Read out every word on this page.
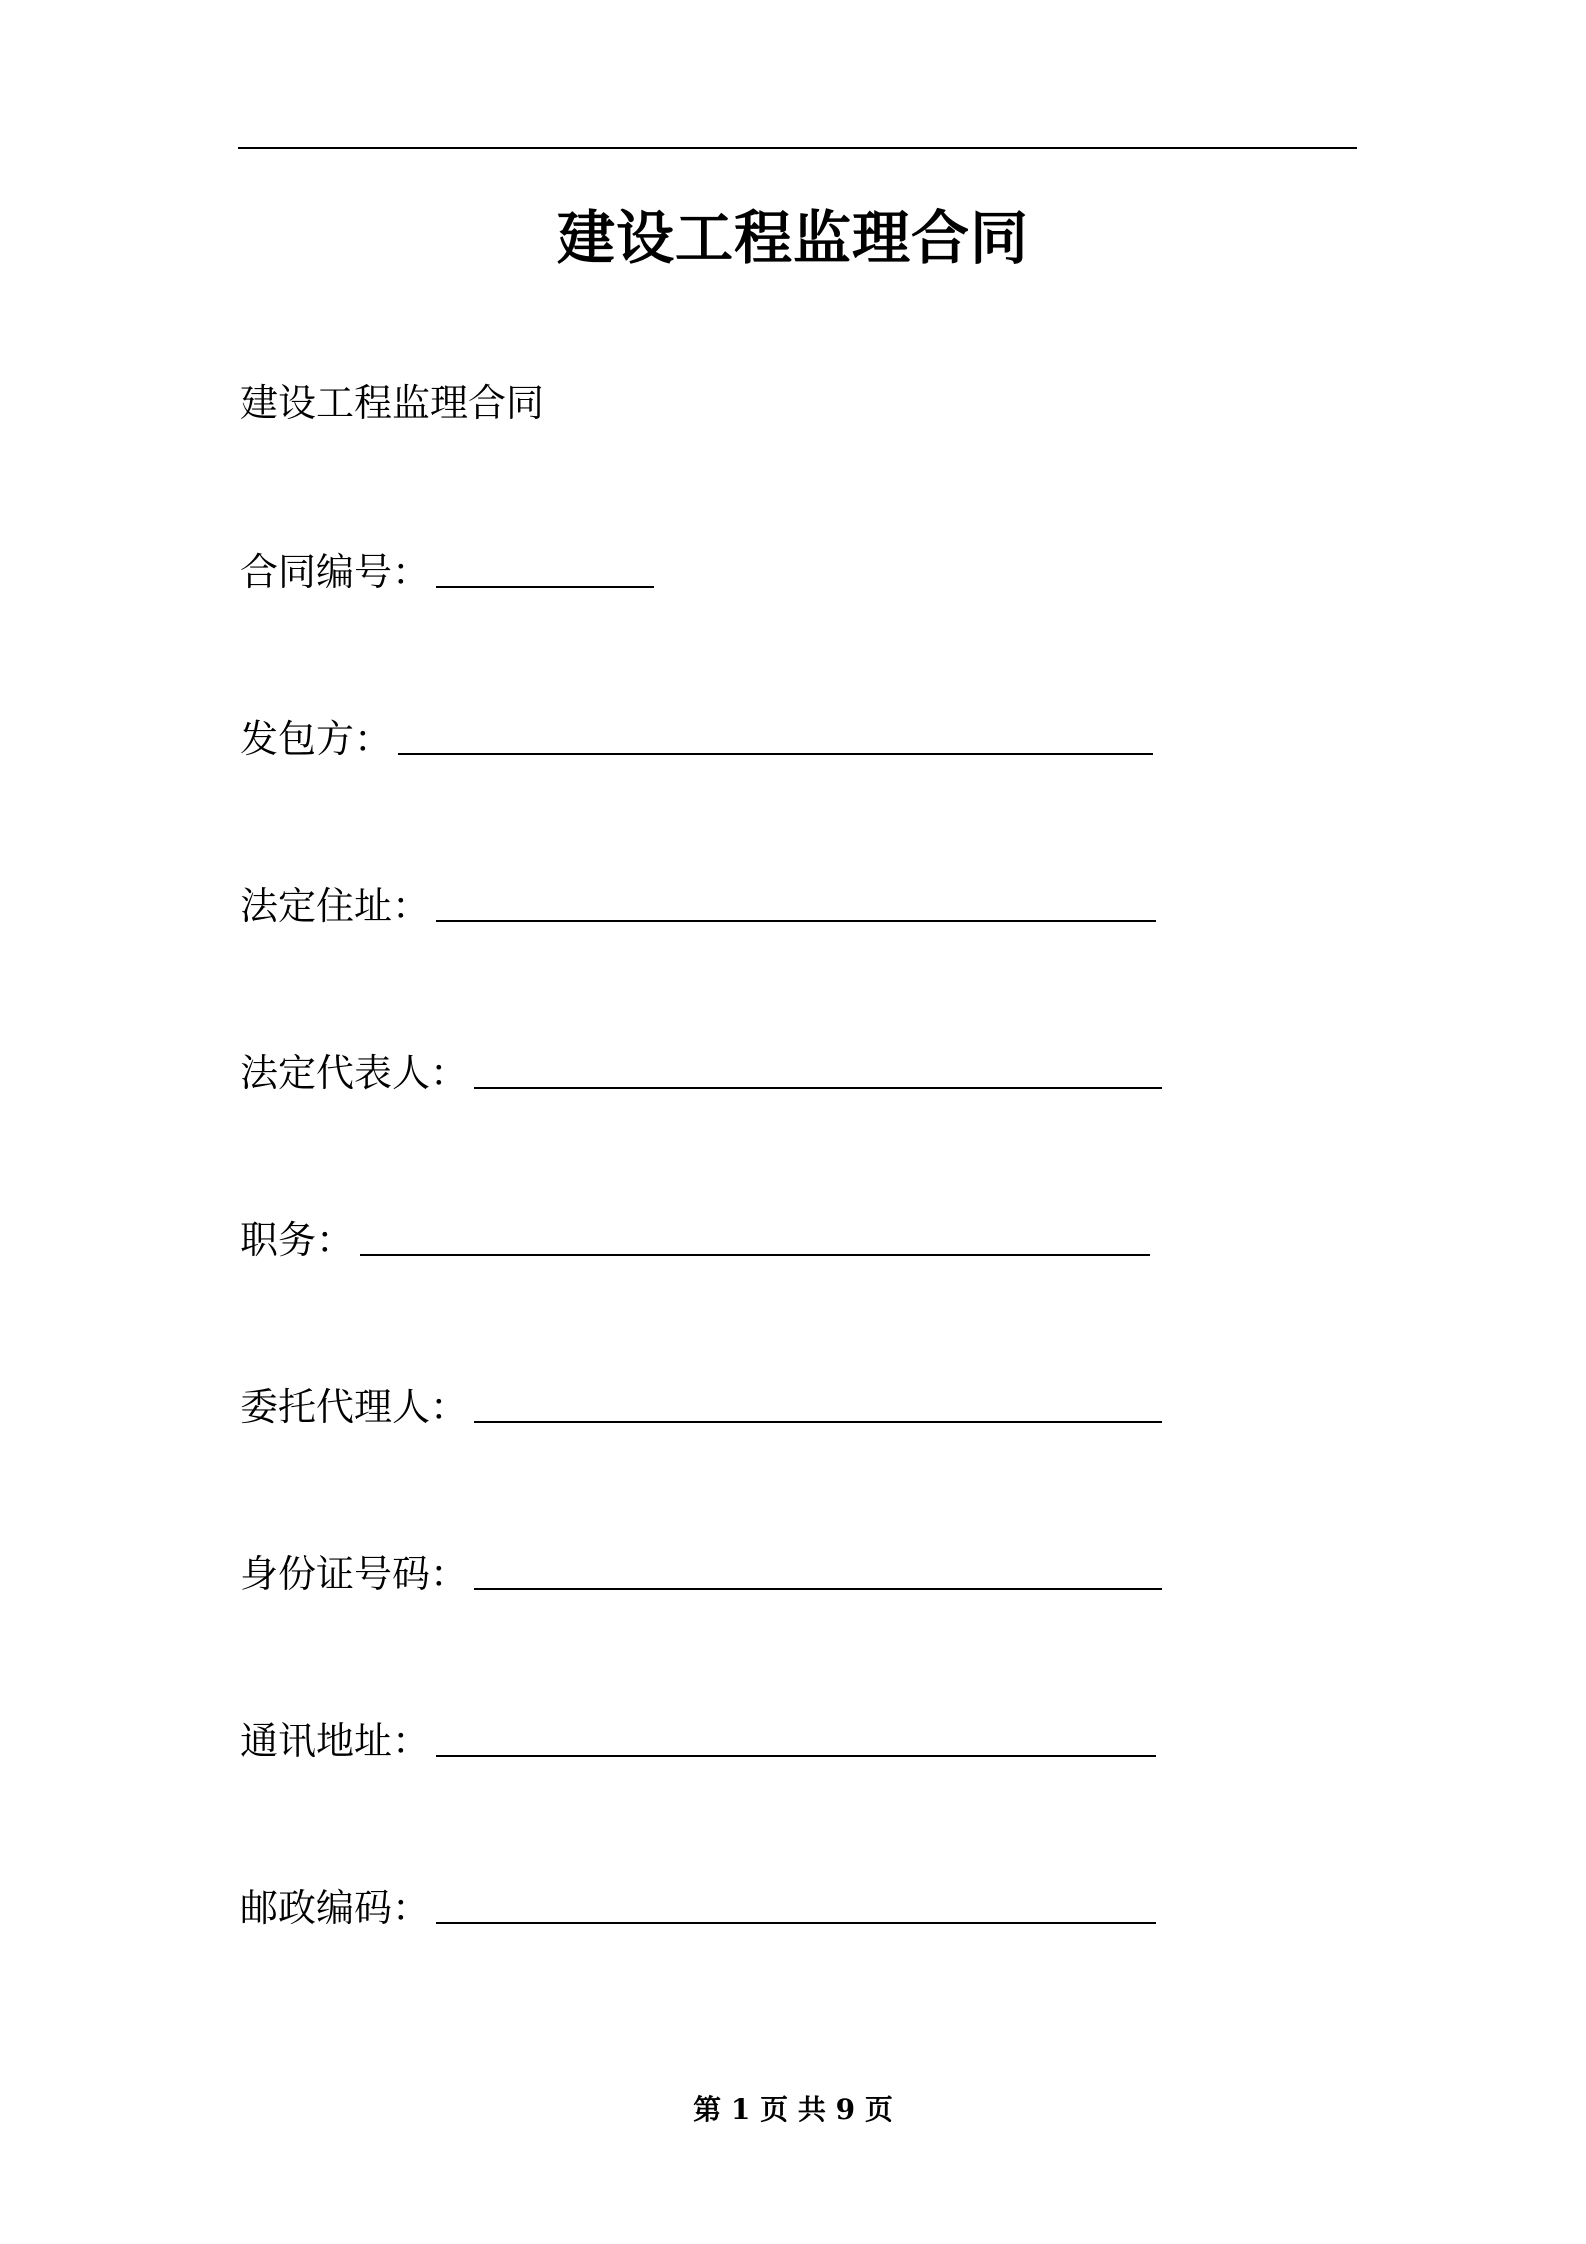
建设工程监理合同
建设工程监理合同
合同编号：
发包方：
法定住址：
法定代表人：
职务：
委托代理人：
身份证号码：
通讯地址：
邮政编码：
第 1 页 共 9 页
